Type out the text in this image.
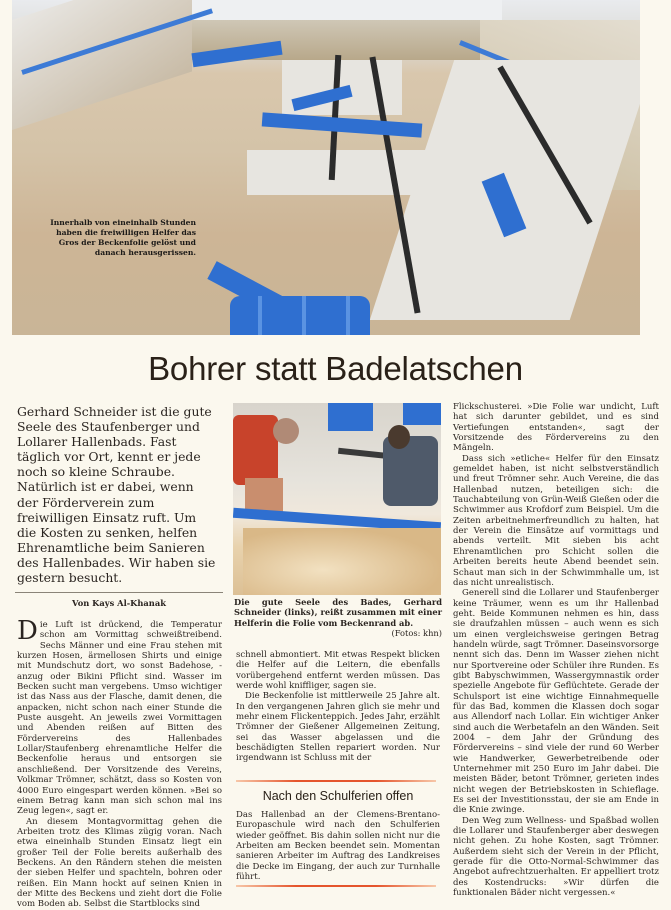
Innerhalb von eineinhalb Stunden haben die freiwilligen Helfer das Gros der Beckenfolie gelöst und danach herausgerissen.
Bohrer statt Badelatschen
Gerhard Schneider ist die gute Seele des Staufenberger und Lollarer Hallenbads. Fast täglich vor Ort, kennt er jede noch so kleine Schraube. Natürlich ist er dabei, wenn der Förderverein zum freiwilligen Einsatz ruft. Um die Kosten zu senken, helfen Ehrenamtliche beim Sanieren des Hallenbades. Wir haben sie gestern besucht.
Von Kays Al-Khanak

Die Luft ist drückend, die Temperatur schon am Vormittag schweißtreibend. Sechs Männer und eine Frau stehen mit kurzen Hosen, ärmellosen Shirts und einige mit Mundschutz dort, wo sonst Badehose, -anzug oder Bikini Pflicht sind. Wasser im Becken sucht man vergebens. Umso wichtiger ist das Nass aus der Flasche, damit denen, die anpacken, nicht schon nach einer Stunde die Puste ausgeht. An jeweils zwei Vormittagen und Abenden reißen auf Bitten des Fördervereins des Hallenbades Lollar/Staufenberg ehrenamtliche Helfer die Beckenfolie heraus und entsorgen sie anschließend. Der Vorsitzende des Vereins, Volkmar Trömner, schätzt, dass so Kosten von 4000 Euro eingespart werden können. »Bei so einem Betrag kann man sich schon mal ins Zeug legen«, sagt er.

An diesem Montagvormittag gehen die Arbeiten trotz des Klimas zügig voran. Nach etwa eineinhalb Stunden Einsatz liegt ein großer Teil der Folie bereits außerhalb des Beckens. An den Rändern stehen die meisten der sieben Helfer und spachteln, bohren oder reißen. Ein Mann hockt auf seinen Knien in der Mitte des Beckens und zieht dort die Folie vom Boden ab. Selbst die Startblocks sind

Die gute Seele des Bades, Gerhard Schneider (links), reißt zusammen mit einer Helferin die Folie vom Beckenrand ab.
(Fotos: khn)

schnell abmontiert. Mit etwas Respekt blicken die Helfer auf die Leitern, die ebenfalls vorübergehend entfernt werden müssen. Das werde wohl kniffliger, sagen sie.

Die Beckenfolie ist mittlerweile 25 Jahre alt. In den vergangenen Jahren glich sie mehr und mehr einem Flickenteppich. Jedes Jahr, erzählt Trömner der Gießener Allgemeinen Zeitung, sei das Wasser abgelassen und die beschädigten Stellen repariert worden. Nur irgendwann ist Schluss mit der

Nach den Schulferien offen

Das Hallenbad an der Clemens-Brentano-Europaschule wird nach den Schulferien wieder geöffnet. Bis dahin sollen nicht nur die Arbeiten am Becken beendet sein. Momentan sanieren Arbeiter im Auftrag des Landkreises die Decke im Eingang, der auch zur Turnhalle führt.

Flickschusterei. »Die Folie war undicht, Luft hat sich darunter gebildet, und es sind Vertiefungen entstanden«, sagt der Vorsitzende des Fördervereins zu den Mängeln.

Dass sich »etliche« Helfer für den Einsatz gemeldet haben, ist nicht selbstverständlich und freut Trömner sehr. Auch Vereine, die das Hallenbad nutzen, beteiligen sich: die Tauchabteilung von Grün-Weiß Gießen oder die Schwimmer aus Krofdorf zum Beispiel. Um die Zeiten arbeitnehmerfreundlich zu halten, hat der Verein die Einsätze auf vormittags und abends verteilt. Mit sieben bis acht Ehrenamtlichen pro Schicht sollen die Arbeiten bereits heute Abend beendet sein. Schaut man sich in der Schwimmhalle um, ist das nicht unrealistisch.

Generell sind die Lollarer und Staufenberger keine Träumer, wenn es um ihr Hallenbad geht. Beide Kommunen nehmen es hin, dass sie draufzahlen müssen – auch wenn es sich um einen vergleichsweise geringen Betrag handeln würde, sagt Trömner. Daseinsvorsorge nennt sich das. Denn im Wasser ziehen nicht nur Sportvereine oder Schüler ihre Runden. Es gibt Babyschwimmen, Wassergymnastik order spezielle Angebote für Geflüchtete. Gerade der Schulsport ist eine wichtige Einnahmequelle für das Bad, kommen die Klassen doch sogar aus Allendorf nach Lollar. Ein wichtiger Anker sind auch die Werbetafeln an den Wänden. Seit 2004 – dem Jahr der Gründung des Fördervereins – sind viele der rund 60 Werber wie Handwerker, Gewerbetreibende oder Unternehmer mit 250 Euro im Jahr dabei. Die meisten Bäder, betont Trömner, gerieten indes nicht wegen der Betriebskosten in Schieflage. Es sei der Investitionsstau, der sie am Ende in die Knie zwinge.

Den Weg zum Wellness- und Spaßbad wollen die Lollarer und Staufenberger aber deswegen nicht gehen. Zu hohe Kosten, sagt Trömner. Außerdem sieht sich der Verein in der Pflicht, gerade für die Otto-Normal-Schwimmer das Angebot aufrechtzuerhalten. Er appelliert trotz des Kostendrucks: »Wir dürfen die funktionalen Bäder nicht vergessen.«
